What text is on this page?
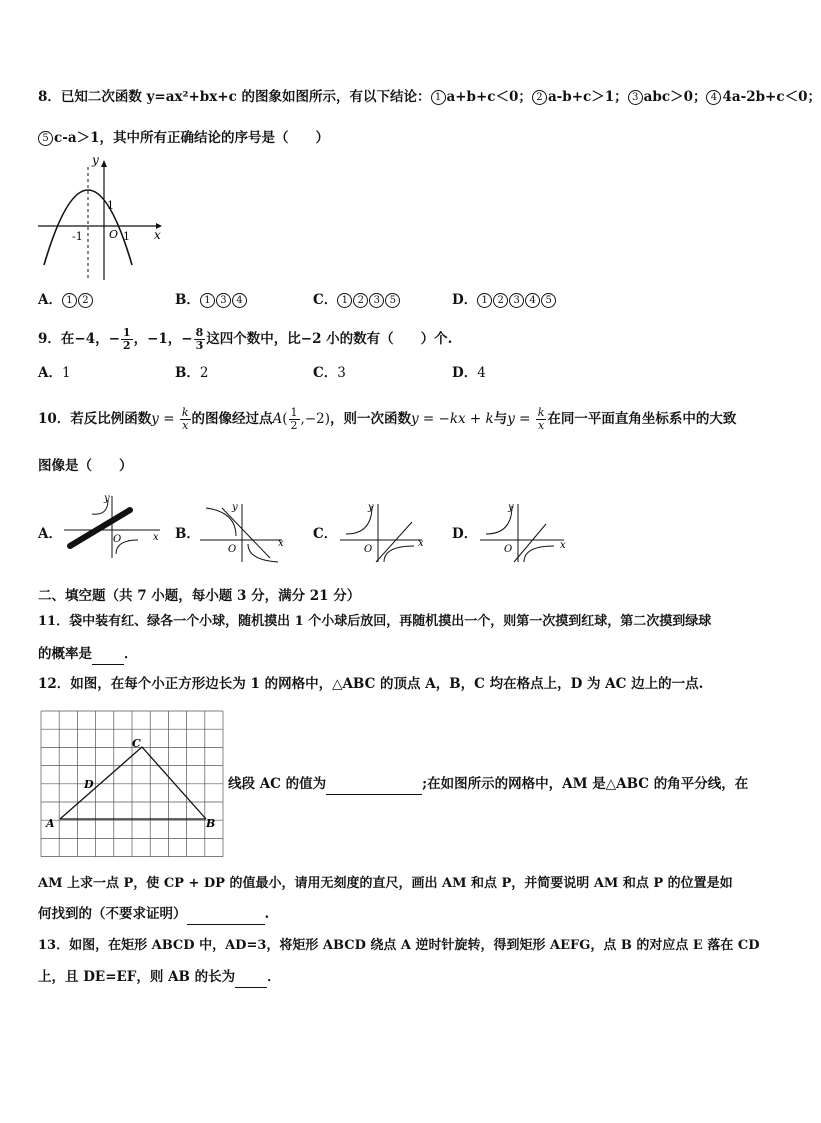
8．已知二次函数 y=ax²+bx+c 的图象如图所示，有以下结论： 1 a+b+c＜0； 2 a-b+c＞1； 3 abc＞0； 4 4a-2b+c＜0；
5 c-a＞1，其中所有正确结论的序号是（　　）
y
x
1
-1 O 1
A． 1 2	B． 1 3 4	C． 1 2 3 5	D． 1 2 3 4 5
9．在−4，− $\frac{1}{2}$ ，−1，− $\frac{8}{3}$ 这四个数中，比−2 小的数有（　　）个.
A．1	B．2	C．3	D．4
10．若反比例函数$y = \frac{k}{x}$ 的图像经过点$A( \frac{1}{2} ,-2)$，则一次函数y = −kx + k与$y = \frac{k}{x}$ 在同一平面直角坐标系中的大致
图像是（　　）
A．
y
x
O	B．
y
x
O
C．
y
x
O
D．
y
x
O
二、填空题（共 7 小题，每小题 3 分，满分 21 分）
11．袋中装有红、绿各一个小球，随机摸出 1 个小球后放回，再随机摸出一个，则第一次摸到红球，第二次摸到绿球
的概率是 ．
12．如图，在每个小正方形边长为 1 的网格中，△ABC 的顶点 A，B，C 均在格点上，D 为 AC 边上的一点.
C
D
A	B
线段 AC 的值为	;在如图所示的网格中，AM 是△ABC 的角平分线，在
AM 上求一点 P，使 CP + DP 的值最小，请用无刻度的直尺，画出 AM 和点 P，并简要说明 AM 和点 P 的位置是如
何找到的（不要求证明）	.
13．如图，在矩形 ABCD 中，AD=3，将矩形 ABCD 绕点 A 逆时针旋转，得到矩形 AEFG，点 B 的对应点 E 落在 CD
上，且 DE=EF，则 AB 的长为 ．
